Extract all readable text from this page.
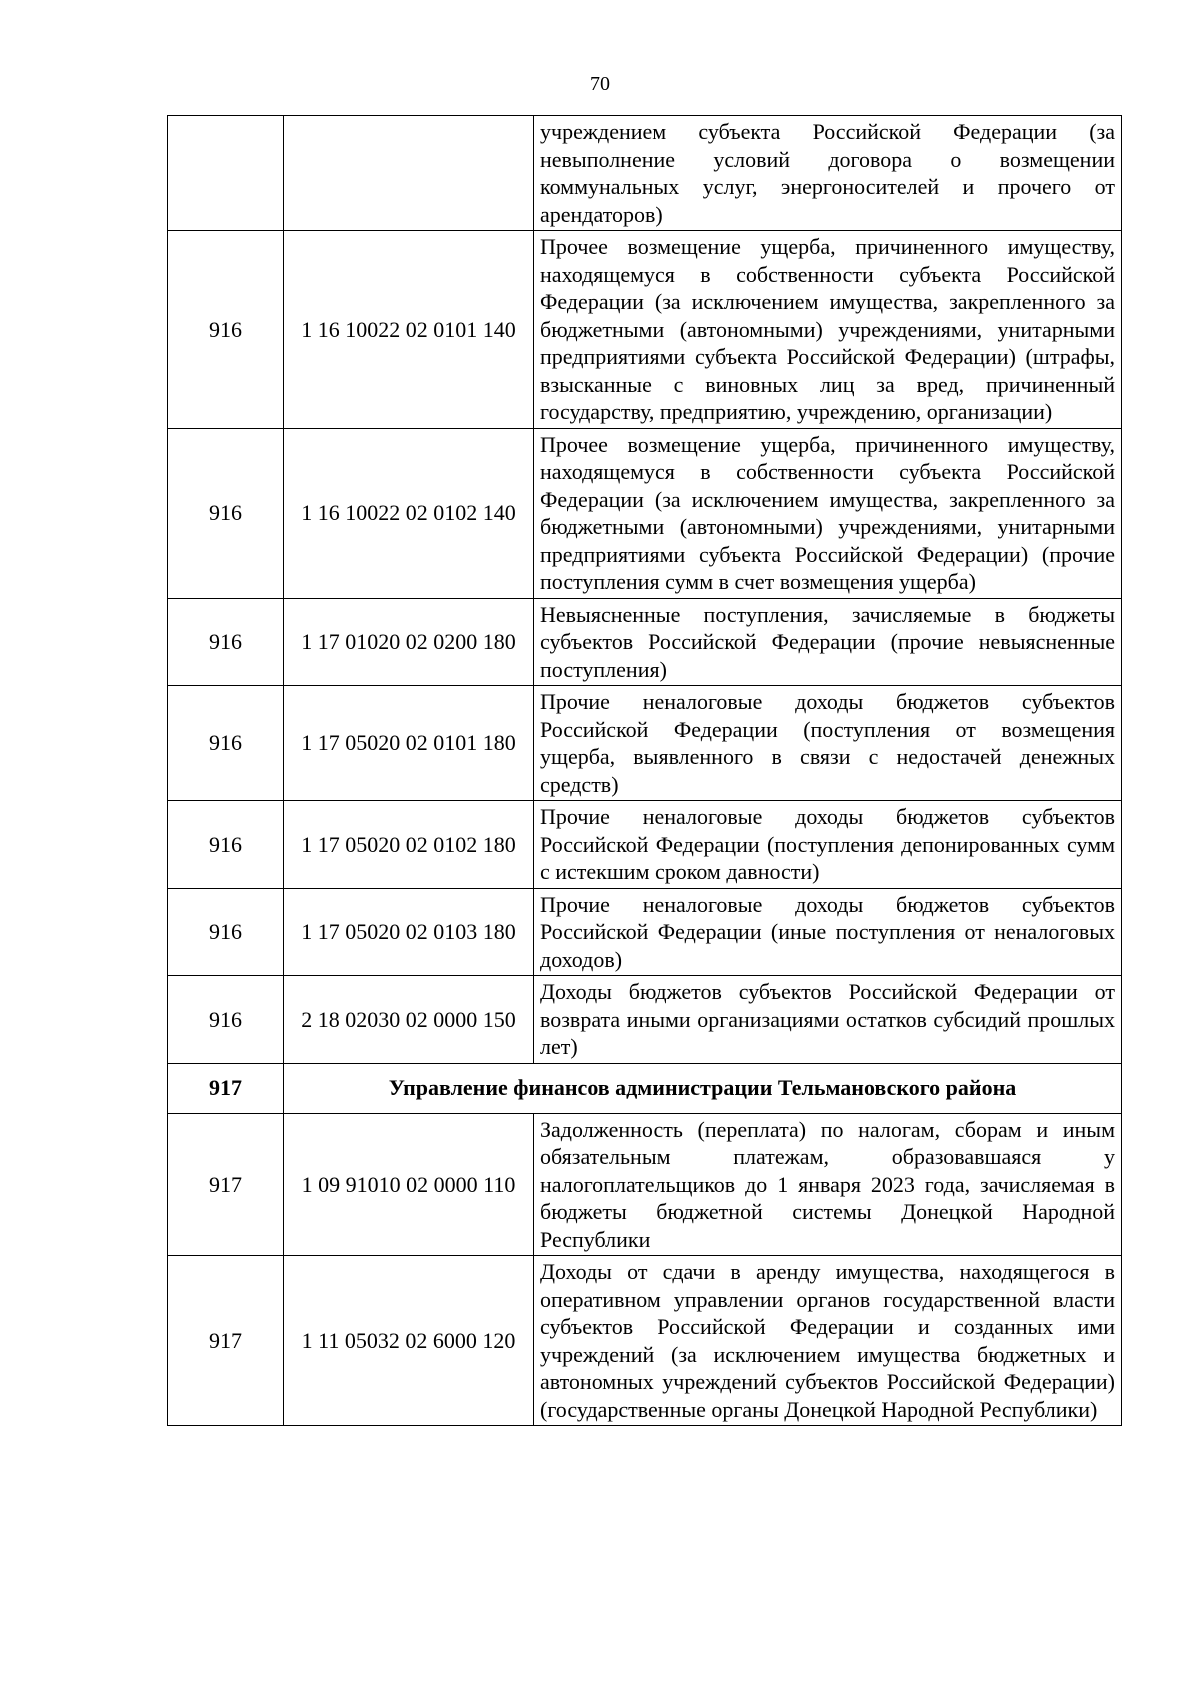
70
		учреждением субъекта Российской Федерации (за невыполнение условий договора о возмещении коммунальных услуг, энергоносителей и прочего от арендаторов)
916	1 16 10022 02 0101 140	Прочее возмещение ущерба, причиненного имуществу, находящемуся в собственности субъекта Российской Федерации (за исключением имущества, закрепленного за бюджетными (автономными) учреждениями, унитарными предприятиями субъекта Российской Федерации) (штрафы, взысканные с виновных лиц за вред, причиненный государству, предприятию, учреждению, организации)
916	1 16 10022 02 0102 140	Прочее возмещение ущерба, причиненного имуществу, находящемуся в собственности субъекта Российской Федерации (за исключением имущества, закрепленного за бюджетными (автономными) учреждениями, унитарными предприятиями субъекта Российской Федерации) (прочие поступления сумм в счет возмещения ущерба)
916	1 17 01020 02 0200 180	Невыясненные поступления, зачисляемые в бюджеты субъектов Российской Федерации (прочие невыясненные поступления)
916	1 17 05020 02 0101 180	Прочие неналоговые доходы бюджетов субъектов Российской Федерации (поступления от возмещения ущерба, выявленного в связи с недостачей денежных средств)
916	1 17 05020 02 0102 180	Прочие неналоговые доходы бюджетов субъектов Российской Федерации (поступления депонированных сумм с истекшим сроком давности)
916	1 17 05020 02 0103 180	Прочие неналоговые доходы бюджетов субъектов Российской Федерации (иные поступления от неналоговых доходов)
916	2 18 02030 02 0000 150	Доходы бюджетов субъектов Российской Федерации от возврата иными организациями остатков субсидий прошлых лет)
917	Управление финансов администрации Тельмановского района	
917	1 09 91010 02 0000 110	Задолженность (переплата) по налогам, сборам и иным обязательным платежам, образовавшаяся у налогоплательщиков до 1 января 2023 года, зачисляемая в бюджеты бюджетной системы Донецкой Народной Республики
917	1 11 05032 02 6000 120	Доходы от сдачи в аренду имущества, находящегося в оперативном управлении органов государственной власти субъектов Российской Федерации и созданных ими учреждений (за исключением имущества бюджетных и автономных учреждений субъектов Российской Федерации) (государственные органы Донецкой Народной Республики)
